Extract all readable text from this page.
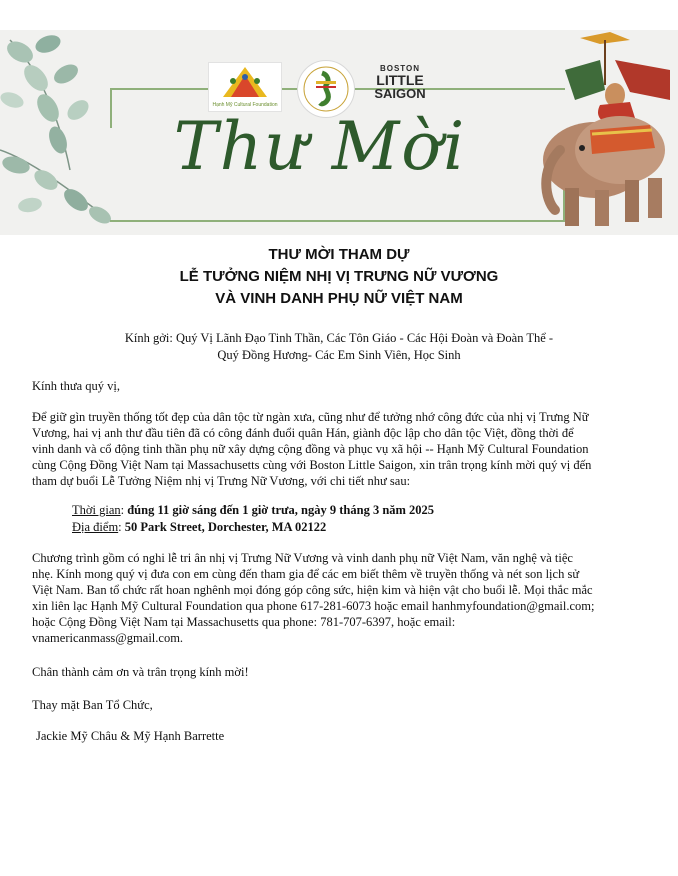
Hạnh Mỹ Cultural Foundation
BOSTON
LITTLE
SAIGON
Thư Mời
THƯ MỜI THAM DỰ
LỄ TƯỞNG NIỆM NHỊ VỊ TRƯNG NỮ VƯƠNG
VÀ VINH DANH PHỤ NỮ VIỆT NAM
Kính gởi: Quý Vị Lãnh Đạo Tinh Thần, Các Tôn Giáo - Các Hội Đoàn và Đoàn Thể -
Quý Đồng Hương- Các Em Sinh Viên, Học Sinh
Kính thưa quý vị,
Để giữ gìn truyền thống tốt đẹp của dân tộc từ ngàn xưa, cũng như để tưởng nhớ công đức của nhị vị Trưng Nữ
Vương, hai vị anh thư đầu tiên đã có công đánh đuổi quân Hán, giành độc lập cho dân tộc Việt, đồng thời để
vinh danh và cổ động tinh thần phụ nữ xây dựng cộng đồng và phục vụ xã hội -- Hạnh Mỹ Cultural Foundation
cùng Cộng Đồng Việt Nam tại Massachusetts cùng với Boston Little Saigon, xin trân trọng kính mời quý vị đến
tham dự buổi Lễ Tưởng Niệm nhị vị Trưng Nữ Vương, với chi tiết như sau:
Thời gian: đúng 11 giờ sáng đến 1 giờ trưa, ngày 9 tháng 3 năm 2025
Địa điểm: 50 Park Street, Dorchester, MA 02122
Chương trình gồm có nghi lễ tri ân nhị vị Trưng Nữ Vương và vinh danh phụ nữ Việt Nam, văn nghệ và tiệc
nhẹ. Kính mong quý vị đưa con em cùng đến tham gia để các em biết thêm về truyền thống và nét son lịch sử
Việt Nam. Ban tổ chức rất hoan nghênh mọi đóng góp công sức, hiện kim và hiện vật cho buổi lễ. Mọi thắc mắc
xin liên lạc Hạnh Mỹ Cultural Foundation qua phone 617-281-6073 hoặc email hanhmyfoundation@gmail.com;
hoặc Cộng Đồng Việt Nam tại Massachusetts qua phone: 781-707-6397, hoặc email:
vnamericanmass@gmail.com.
Chân thành cảm ơn và trân trọng kính mời!
Thay mặt Ban Tổ Chức,
Jackie Mỹ Châu & Mỹ Hạnh Barrette
